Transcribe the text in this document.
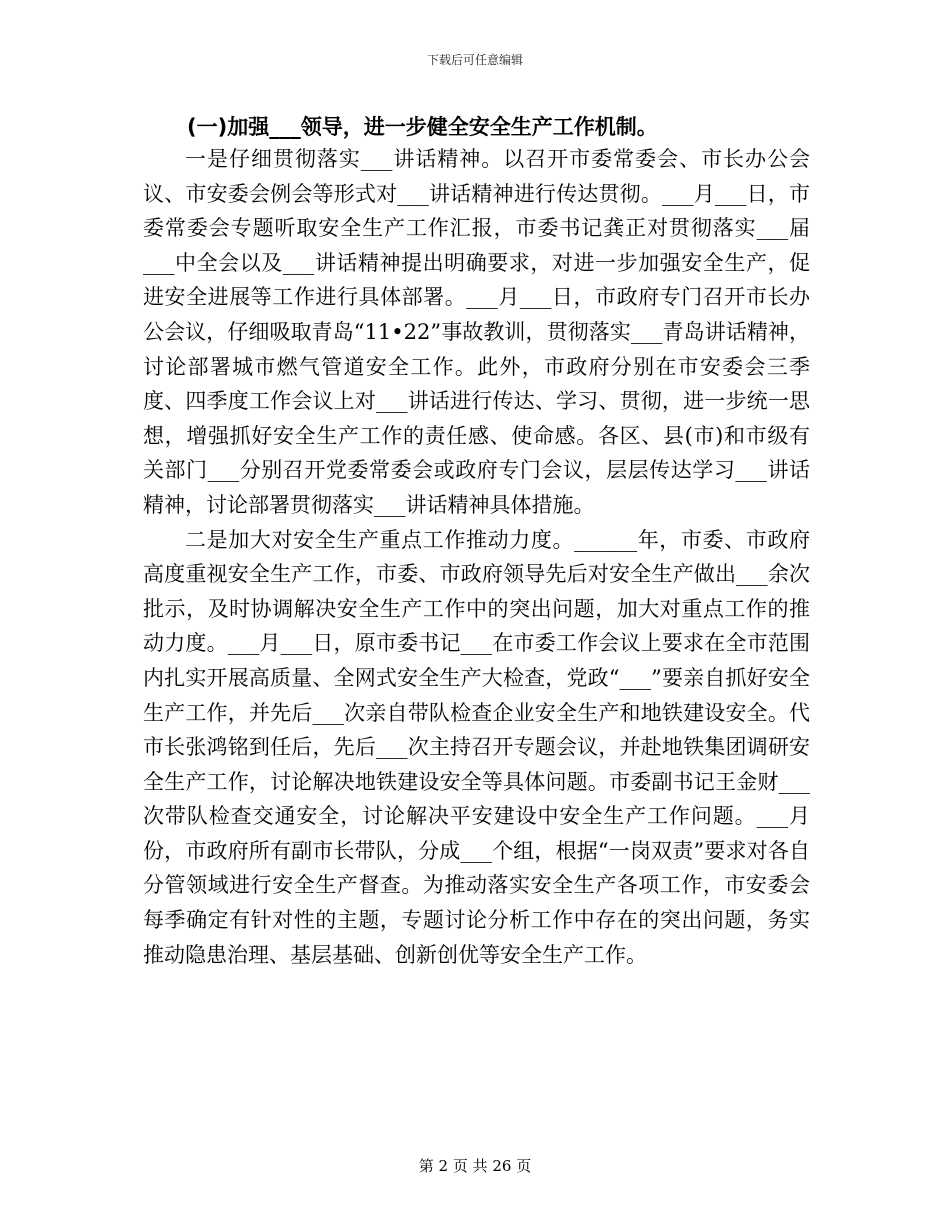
下载后可任意编辑
(一)加强___领导，进一步健全安全生产工作机制。

一是仔细贯彻落实___讲话精神。以召开市委常委会、市长办公会议、市安委会例会等形式对___讲话精神进行传达贯彻。___月___日，市委常委会专题听取安全生产工作汇报，市委书记龚正对贯彻落实___届___中全会以及___讲话精神提出明确要求，对进一步加强安全生产，促进安全进展等工作进行具体部署。___月___日，市政府专门召开市长办公会议，仔细吸取青岛“11•22”事故教训，贯彻落实___青岛讲话精神，讨论部署城市燃气管道安全工作。此外，市政府分别在市安委会三季度、四季度工作会议上对___讲话进行传达、学习、贯彻，进一步统一思想，增强抓好安全生产工作的责任感、使命感。各区、县(市)和市级有关部门___分别召开党委常委会或政府专门会议，层层传达学习___讲话精神，讨论部署贯彻落实___讲话精神具体措施。

二是加大对安全生产重点工作推动力度。______年，市委、市政府高度重视安全生产工作，市委、市政府领导先后对安全生产做出___余次批示，及时协调解决安全生产工作中的突出问题，加大对重点工作的推动力度。___月___日，原市委书记___在市委工作会议上要求在全市范围内扎实开展高质量、全网式安全生产大检查，党政“___”要亲自抓好安全生产工作，并先后___次亲自带队检查企业安全生产和地铁建设安全。代市长张鸿铭到任后，先后___次主持召开专题会议，并赴地铁集团调研安全生产工作，讨论解决地铁建设安全等具体问题。市委副书记王金财___次带队检查交通安全，讨论解决平安建设中安全生产工作问题。___月份，市政府所有副市长带队，分成___个组，根据“一岗双责”要求对各自分管领域进行安全生产督查。为推动落实安全生产各项工作，市安委会每季确定有针对性的主题，专题讨论分析工作中存在的突出问题，务实推动隐患治理、基层基础、创新创优等安全生产工作。

第 2 页 共 26 页
